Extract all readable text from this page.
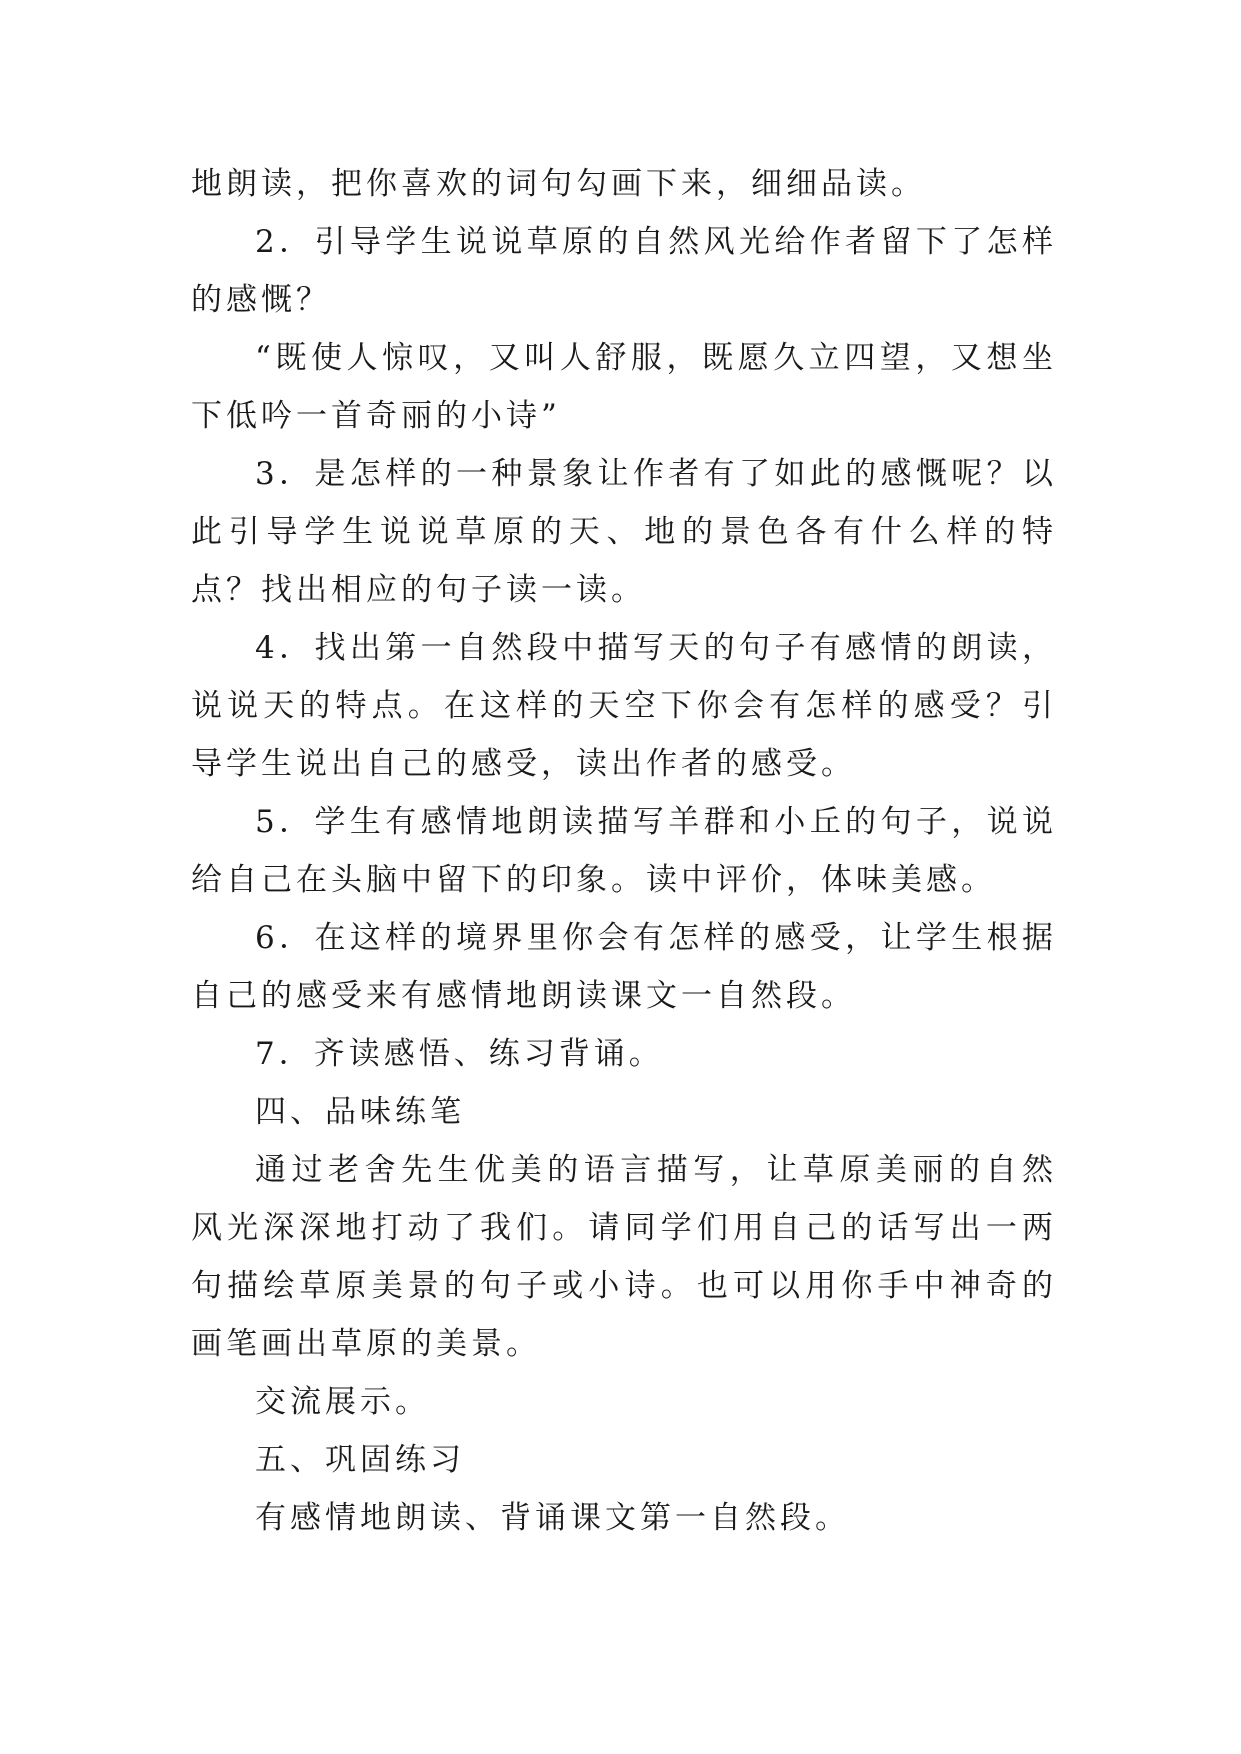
地朗读，把你喜欢的词句勾画下来，细细品读。

2．引导学生说说草原的自然风光给作者留下了怎样的感慨？

“既使人惊叹，又叫人舒服，既愿久立四望，又想坐下低吟一首奇丽的小诗”

3．是怎样的一种景象让作者有了如此的感慨呢？以此引导学生说说草原的天、地的景色各有什么样的特点？找出相应的句子读一读。

4．找出第一自然段中描写天的句子有感情的朗读，说说天的特点。在这样的天空下你会有怎样的感受？引导学生说出自己的感受，读出作者的感受。

5．学生有感情地朗读描写羊群和小丘的句子，说说给自己在头脑中留下的印象。读中评价，体味美感。

6．在这样的境界里你会有怎样的感受，让学生根据自己的感受来有感情地朗读课文一自然段。

7．齐读感悟、练习背诵。

四、品味练笔

通过老舍先生优美的语言描写，让草原美丽的自然风光深深地打动了我们。请同学们用自己的话写出一两句描绘草原美景的句子或小诗。也可以用你手中神奇的画笔画出草原的美景。

交流展示。

五、巩固练习

有感情地朗读、背诵课文第一自然段。
